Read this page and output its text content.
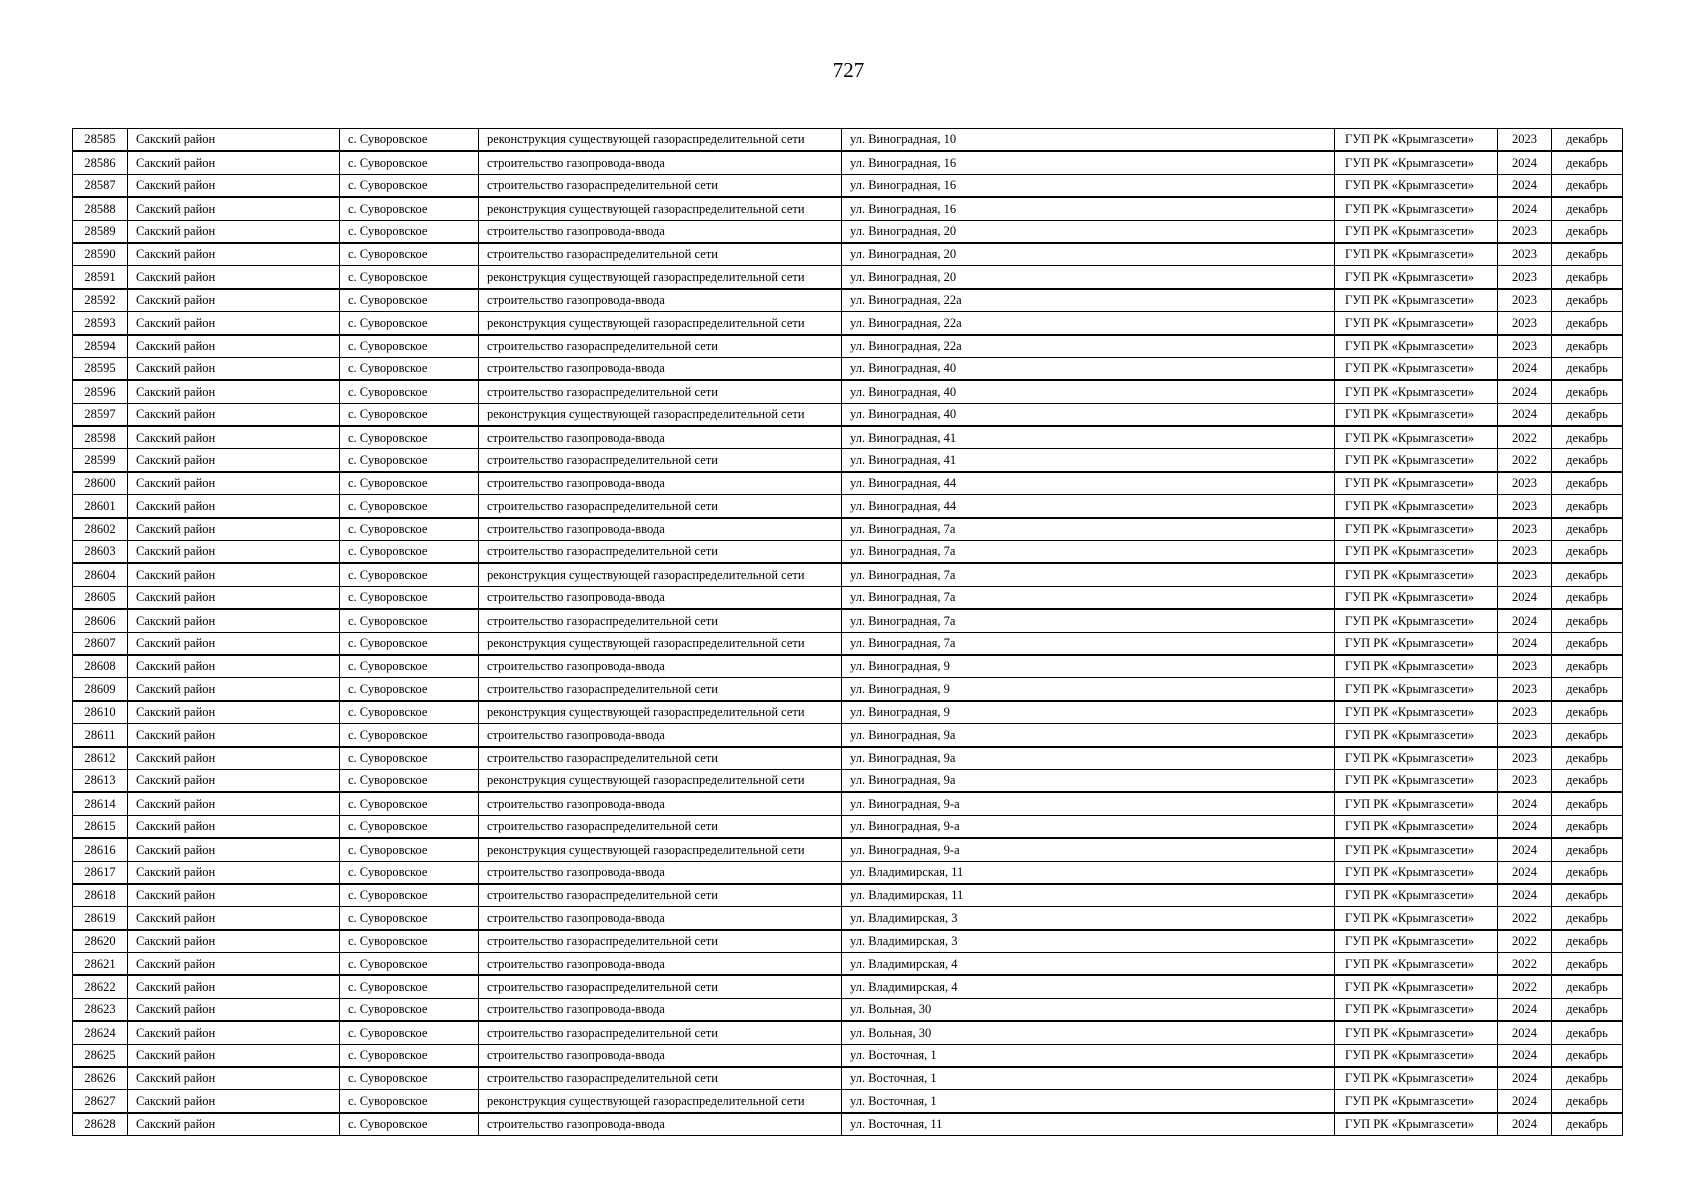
727
28585	Сакский район	с. Суворовское	реконструкция существующей газораспределительной сети	ул. Виноградная, 10	ГУП РК «Крымгазсети»	2023	декабрь
28586	Сакский район	с. Суворовское	строительство газопровода-ввода	ул. Виноградная, 16	ГУП РК «Крымгазсети»	2024	декабрь
28587	Сакский район	с. Суворовское	строительство газораспределительной сети	ул. Виноградная, 16	ГУП РК «Крымгазсети»	2024	декабрь
28588	Сакский район	с. Суворовское	реконструкция существующей газораспределительной сети	ул. Виноградная, 16	ГУП РК «Крымгазсети»	2024	декабрь
28589	Сакский район	с. Суворовское	строительство газопровода-ввода	ул. Виноградная, 20	ГУП РК «Крымгазсети»	2023	декабрь
28590	Сакский район	с. Суворовское	строительство газораспределительной сети	ул. Виноградная, 20	ГУП РК «Крымгазсети»	2023	декабрь
28591	Сакский район	с. Суворовское	реконструкция существующей газораспределительной сети	ул. Виноградная, 20	ГУП РК «Крымгазсети»	2023	декабрь
28592	Сакский район	с. Суворовское	строительство газопровода-ввода	ул. Виноградная, 22а	ГУП РК «Крымгазсети»	2023	декабрь
28593	Сакский район	с. Суворовское	реконструкция существующей газораспределительной сети	ул. Виноградная, 22а	ГУП РК «Крымгазсети»	2023	декабрь
28594	Сакский район	с. Суворовское	строительство газораспределительной сети	ул. Виноградная, 22а	ГУП РК «Крымгазсети»	2023	декабрь
28595	Сакский район	с. Суворовское	строительство газопровода-ввода	ул. Виноградная, 40	ГУП РК «Крымгазсети»	2024	декабрь
28596	Сакский район	с. Суворовское	строительство газораспределительной сети	ул. Виноградная, 40	ГУП РК «Крымгазсети»	2024	декабрь
28597	Сакский район	с. Суворовское	реконструкция существующей газораспределительной сети	ул. Виноградная, 40	ГУП РК «Крымгазсети»	2024	декабрь
28598	Сакский район	с. Суворовское	строительство газопровода-ввода	ул. Виноградная, 41	ГУП РК «Крымгазсети»	2022	декабрь
28599	Сакский район	с. Суворовское	строительство газораспределительной сети	ул. Виноградная, 41	ГУП РК «Крымгазсети»	2022	декабрь
28600	Сакский район	с. Суворовское	строительство газопровода-ввода	ул. Виноградная, 44	ГУП РК «Крымгазсети»	2023	декабрь
28601	Сакский район	с. Суворовское	строительство газораспределительной сети	ул. Виноградная, 44	ГУП РК «Крымгазсети»	2023	декабрь
28602	Сакский район	с. Суворовское	строительство газопровода-ввода	ул. Виноградная, 7а	ГУП РК «Крымгазсети»	2023	декабрь
28603	Сакский район	с. Суворовское	строительство газораспределительной сети	ул. Виноградная, 7а	ГУП РК «Крымгазсети»	2023	декабрь
28604	Сакский район	с. Суворовское	реконструкция существующей газораспределительной сети	ул. Виноградная, 7а	ГУП РК «Крымгазсети»	2023	декабрь
28605	Сакский район	с. Суворовское	строительство газопровода-ввода	ул. Виноградная, 7а	ГУП РК «Крымгазсети»	2024	декабрь
28606	Сакский район	с. Суворовское	строительство газораспределительной сети	ул. Виноградная, 7а	ГУП РК «Крымгазсети»	2024	декабрь
28607	Сакский район	с. Суворовское	реконструкция существующей газораспределительной сети	ул. Виноградная, 7а	ГУП РК «Крымгазсети»	2024	декабрь
28608	Сакский район	с. Суворовское	строительство газопровода-ввода	ул. Виноградная, 9	ГУП РК «Крымгазсети»	2023	декабрь
28609	Сакский район	с. Суворовское	строительство газораспределительной сети	ул. Виноградная, 9	ГУП РК «Крымгазсети»	2023	декабрь
28610	Сакский район	с. Суворовское	реконструкция существующей газораспределительной сети	ул. Виноградная, 9	ГУП РК «Крымгазсети»	2023	декабрь
28611	Сакский район	с. Суворовское	строительство газопровода-ввода	ул. Виноградная, 9а	ГУП РК «Крымгазсети»	2023	декабрь
28612	Сакский район	с. Суворовское	строительство газораспределительной сети	ул. Виноградная, 9а	ГУП РК «Крымгазсети»	2023	декабрь
28613	Сакский район	с. Суворовское	реконструкция существующей газораспределительной сети	ул. Виноградная, 9а	ГУП РК «Крымгазсети»	2023	декабрь
28614	Сакский район	с. Суворовское	строительство газопровода-ввода	ул. Виноградная, 9-а	ГУП РК «Крымгазсети»	2024	декабрь
28615	Сакский район	с. Суворовское	строительство газораспределительной сети	ул. Виноградная, 9-а	ГУП РК «Крымгазсети»	2024	декабрь
28616	Сакский район	с. Суворовское	реконструкция существующей газораспределительной сети	ул. Виноградная, 9-а	ГУП РК «Крымгазсети»	2024	декабрь
28617	Сакский район	с. Суворовское	строительство газопровода-ввода	ул. Владимирская, 11	ГУП РК «Крымгазсети»	2024	декабрь
28618	Сакский район	с. Суворовское	строительство газораспределительной сети	ул. Владимирская, 11	ГУП РК «Крымгазсети»	2024	декабрь
28619	Сакский район	с. Суворовское	строительство газопровода-ввода	ул. Владимирская, 3	ГУП РК «Крымгазсети»	2022	декабрь
28620	Сакский район	с. Суворовское	строительство газораспределительной сети	ул. Владимирская, 3	ГУП РК «Крымгазсети»	2022	декабрь
28621	Сакский район	с. Суворовское	строительство газопровода-ввода	ул. Владимирская, 4	ГУП РК «Крымгазсети»	2022	декабрь
28622	Сакский район	с. Суворовское	строительство газораспределительной сети	ул. Владимирская, 4	ГУП РК «Крымгазсети»	2022	декабрь
28623	Сакский район	с. Суворовское	строительство газопровода-ввода	ул. Вольная, 30	ГУП РК «Крымгазсети»	2024	декабрь
28624	Сакский район	с. Суворовское	строительство газораспределительной сети	ул. Вольная, 30	ГУП РК «Крымгазсети»	2024	декабрь
28625	Сакский район	с. Суворовское	строительство газопровода-ввода	ул. Восточная, 1	ГУП РК «Крымгазсети»	2024	декабрь
28626	Сакский район	с. Суворовское	строительство газораспределительной сети	ул. Восточная, 1	ГУП РК «Крымгазсети»	2024	декабрь
28627	Сакский район	с. Суворовское	реконструкция существующей газораспределительной сети	ул. Восточная, 1	ГУП РК «Крымгазсети»	2024	декабрь
28628	Сакский район	с. Суворовское	строительство газопровода-ввода	ул. Восточная, 11	ГУП РК «Крымгазсети»	2024	декабрь
